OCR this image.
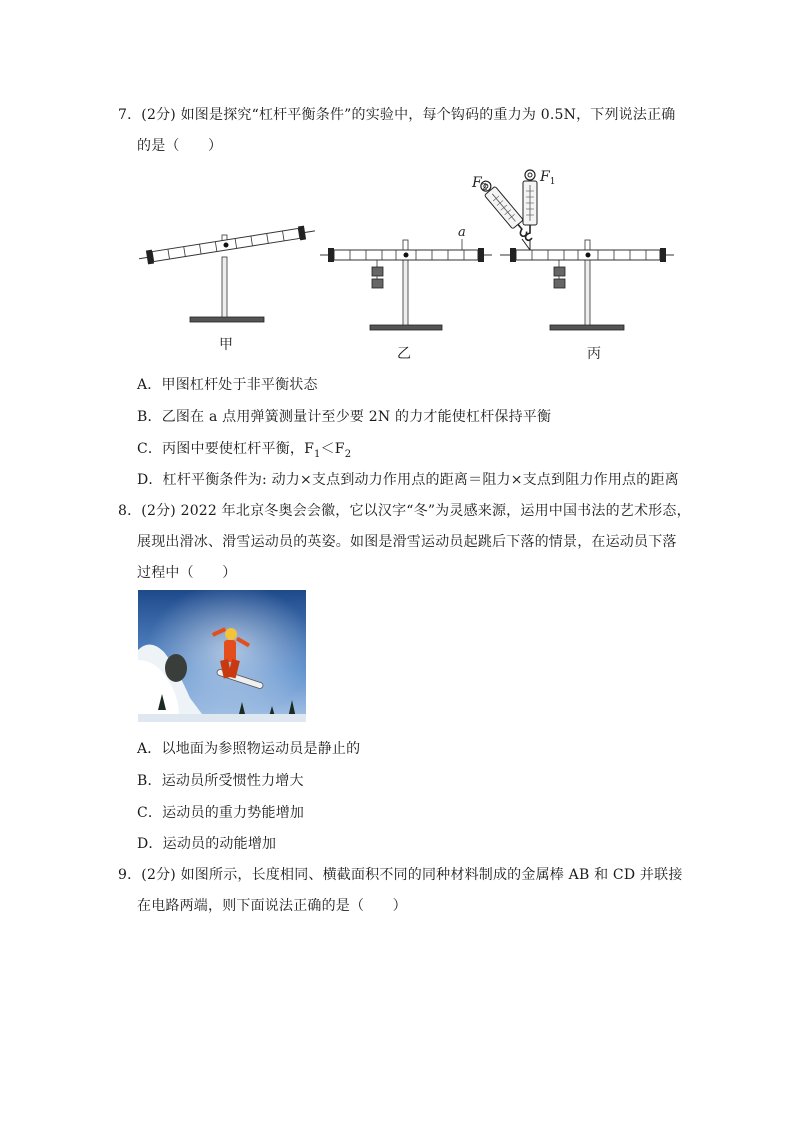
7．(2分) 如图是探究“杠杆平衡条件”的实验中，每个钩码的重力为 0.5N，下列说法正确
的是（　　）
a
$F_1$
$F_2$
甲
乙	丙
A．甲图杠杆处于非平衡状态
B．乙图在 a 点用弹簧测量计至少要 2N 的力才能使杠杆保持平衡
C．丙图中要使杠杆平衡，$F_1<F_2$
D．杠杆平衡条件为: 动力×支点到动力作用点的距离＝阻力×支点到阻力作用点的距离
8．(2分) 2022 年北京冬奥会会徽，它以汉字“冬”为灵感来源，运用中国书法的艺术形态，
展现出滑冰、滑雪运动员的英姿。如图是滑雪运动员起跳后下落的情景，在运动员下落
过程中（　　）
A．以地面为参照物运动员是静止的
B．运动员所受惯性力增大
C．运动员的重力势能增加
D．运动员的动能增加
9．(2分) 如图所示，长度相同、横截面积不同的同种材料制成的金属棒 AB 和 CD 并联接
在电路两端，则下面说法正确的是（　　）
